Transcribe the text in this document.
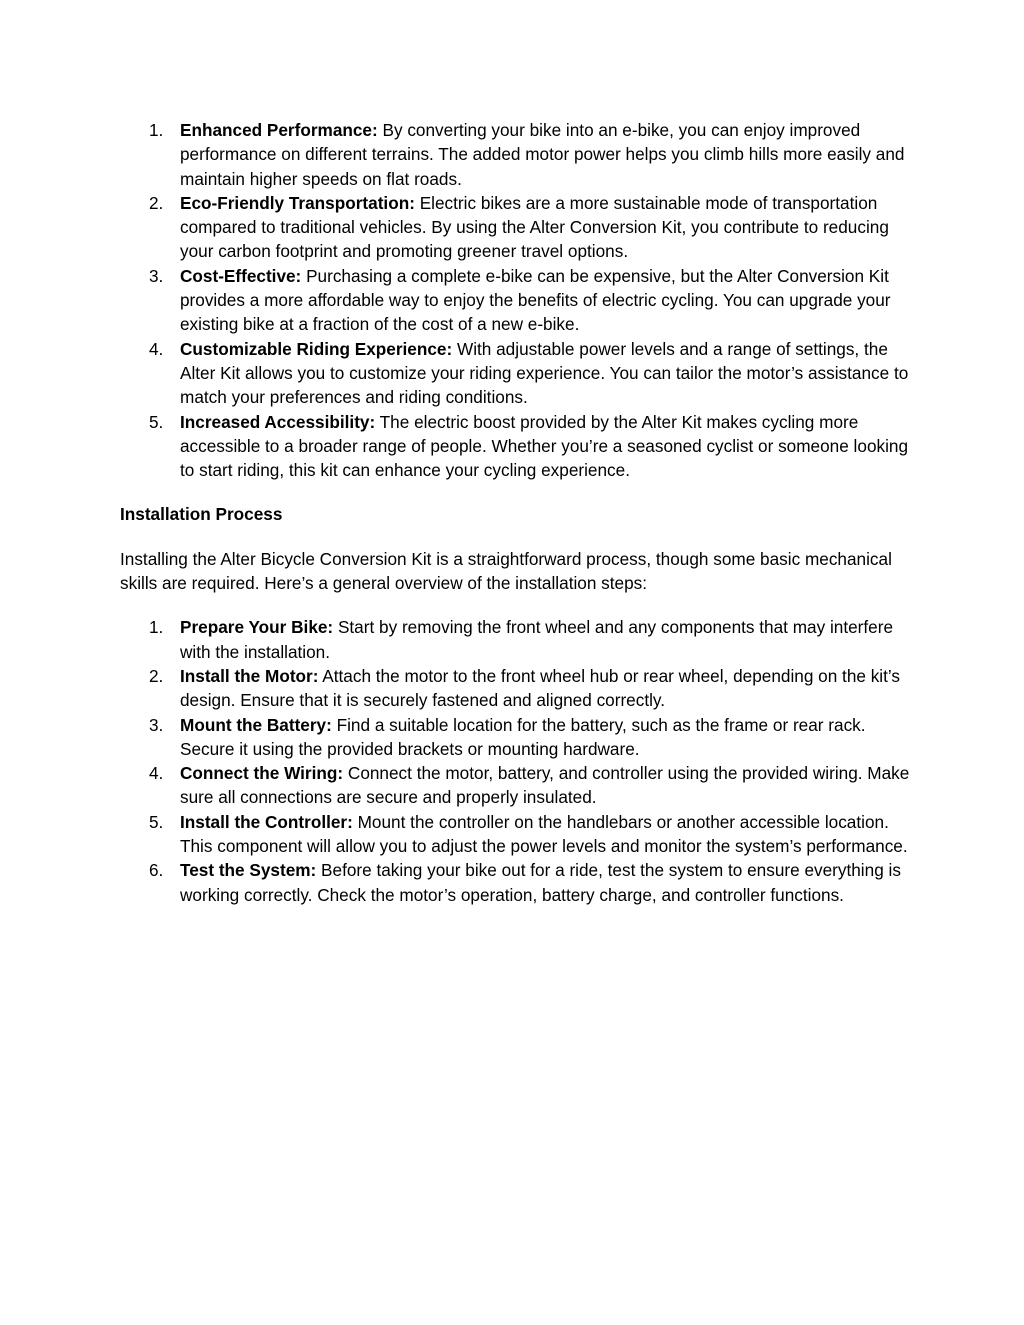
1. Enhanced Performance: By converting your bike into an e-bike, you can enjoy improved performance on different terrains. The added motor power helps you climb hills more easily and maintain higher speeds on flat roads.
2. Eco-Friendly Transportation: Electric bikes are a more sustainable mode of transportation compared to traditional vehicles. By using the Alter Conversion Kit, you contribute to reducing your carbon footprint and promoting greener travel options.
3. Cost-Effective: Purchasing a complete e-bike can be expensive, but the Alter Conversion Kit provides a more affordable way to enjoy the benefits of electric cycling. You can upgrade your existing bike at a fraction of the cost of a new e-bike.
4. Customizable Riding Experience: With adjustable power levels and a range of settings, the Alter Kit allows you to customize your riding experience. You can tailor the motor’s assistance to match your preferences and riding conditions.
5. Increased Accessibility: The electric boost provided by the Alter Kit makes cycling more accessible to a broader range of people. Whether you’re a seasoned cyclist or someone looking to start riding, this kit can enhance your cycling experience.
Installation Process

Installing the Alter Bicycle Conversion Kit is a straightforward process, though some basic mechanical skills are required. Here’s a general overview of the installation steps:

1. Prepare Your Bike: Start by removing the front wheel and any components that may interfere with the installation.
2. Install the Motor: Attach the motor to the front wheel hub or rear wheel, depending on the kit’s design. Ensure that it is securely fastened and aligned correctly.
3. Mount the Battery: Find a suitable location for the battery, such as the frame or rear rack. Secure it using the provided brackets or mounting hardware.
4. Connect the Wiring: Connect the motor, battery, and controller using the provided wiring. Make sure all connections are secure and properly insulated.
5. Install the Controller: Mount the controller on the handlebars or another accessible location. This component will allow you to adjust the power levels and monitor the system’s performance.
6. Test the System: Before taking your bike out for a ride, test the system to ensure everything is working correctly. Check the motor’s operation, battery charge, and controller functions.
